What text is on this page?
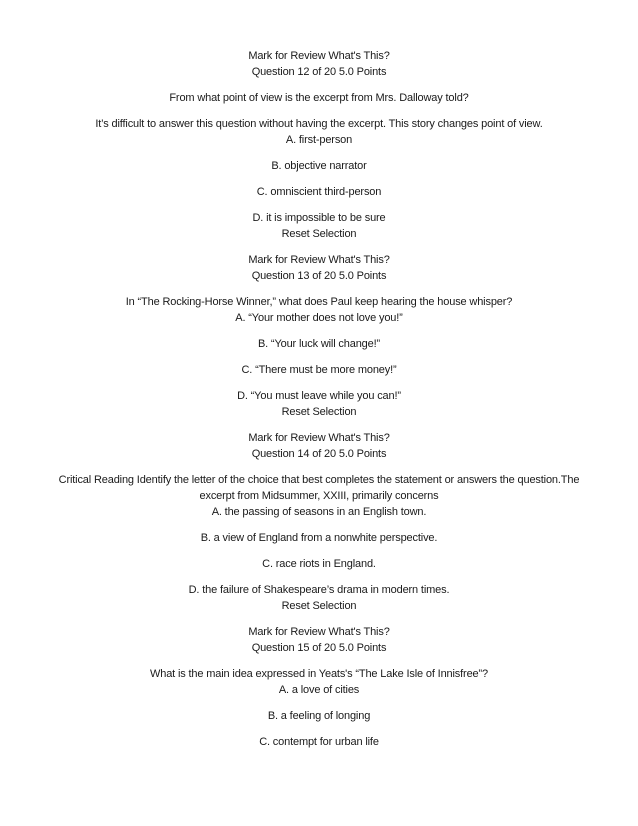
Mark for Review What's This?
Question 12 of 20 5.0 Points
From what point of view is the excerpt from Mrs. Dalloway told?
It’s difficult to answer this question without having the excerpt. This story changes point of view.
A. first-person
B. objective narrator
C. omniscient third-person
D. it is impossible to be sure
Reset Selection
Mark for Review What's This?
Question 13 of 20 5.0 Points
In “The Rocking-Horse Winner,” what does Paul keep hearing the house whisper?
A. “Your mother does not love you!”
B. “Your luck will change!”
C. “There must be more money!”
D. “You must leave while you can!”
Reset Selection
Mark for Review What's This?
Question 14 of 20 5.0 Points
Critical Reading Identify the letter of the choice that best completes the statement or answers the question.The excerpt from Midsummer, XXIII, primarily concerns
A. the passing of seasons in an English town.
B. a view of England from a nonwhite perspective.
C. race riots in England.
D. the failure of Shakespeare’s drama in modern times.
Reset Selection
Mark for Review What's This?
Question 15 of 20 5.0 Points
What is the main idea expressed in Yeats's “The Lake Isle of Innisfree”?
A. a love of cities
B. a feeling of longing
C. contempt for urban life
